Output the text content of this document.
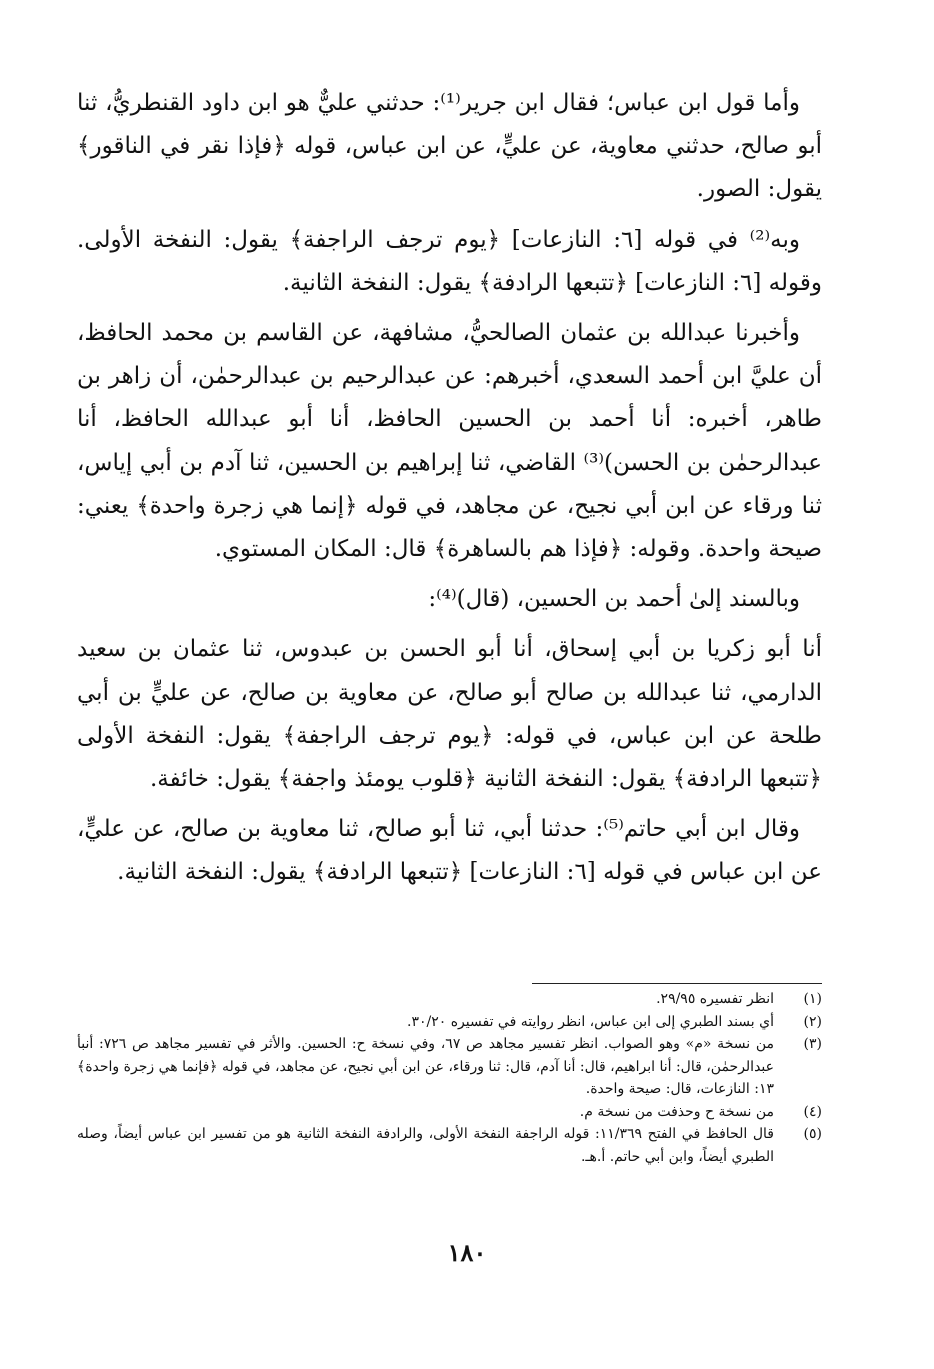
وأما قول ابن عباس؛ فقال ابن جرير⁽¹⁾: حدثني عليٌّ هو ابن داود القنطريُّ، ثنا أبو صالح، حدثني معاوية، عن عليٍّ، عن ابن عباس، قوله ﴿فإذا نقر في الناقور﴾ يقول: الصور.

وبه⁽²⁾ في قوله [٦: النازعات] ﴿يوم ترجف الراجفة﴾ يقول: النفخة الأولى. وقوله [٦: النازعات] ﴿تتبعها الرادفة﴾ يقول: النفخة الثانية.

وأخبرنا عبدالله بن عثمان الصالحيُّ، مشافهة، عن القاسم بن محمد الحافظ، أن عليَّ ابن أحمد السعدي، أخبرهم: عن عبدالرحيم بن عبدالرحمٰن، أن زاهر بن طاهر، أخبره: أنا أحمد بن الحسين الحافظ، أنا أبو عبدالله الحافظ، أنا عبدالرحمٰن بن الحسن)⁽³⁾ القاضي، ثنا إبراهيم بن الحسين، ثنا آدم بن أبي إياس، ثنا ورقاء عن ابن أبي نجيح، عن مجاهد، في قوله ﴿إنما هي زجرة واحدة﴾ يعني: صيحة واحدة. وقوله: ﴿فإذا هم بالساهرة﴾ قال: المكان المستوي.

وبالسند إلىٰ أحمد بن الحسين، (قال)⁽⁴⁾:

أنا أبو زكريا بن أبي إسحاق، أنا أبو الحسن بن عبدوس، ثنا عثمان بن سعيد الدارمي، ثنا عبدالله بن صالح أبو صالح، عن معاوية بن صالح، عن عليٍّ بن أبي طلحة عن ابن عباس، في قوله: ﴿يوم ترجف الراجفة﴾ يقول: النفخة الأولى ﴿تتبعها الرادفة﴾ يقول: النفخة الثانية ﴿قلوب يومئذ واجفة﴾ يقول: خائفة.

وقال ابن أبي حاتم⁽⁵⁾: حدثنا أبي، ثنا أبو صالح، ثنا معاوية بن صالح، عن عليٍّ، عن ابن عباس في قوله [٦: النازعات] ﴿تتبعها الرادفة﴾ يقول: النفخة الثانية.

(١)
انظر تفسيره ٢٩/٩٥.
(٢)
أي بسند الطبري إلى ابن عباس، انظر روايته في تفسيره ٣٠/٢٠.
(٣)
من نسخة «م» وهو الصواب. انظر تفسير مجاهد ص ٦٧، وفي نسخة ح: الحسين. والأثر في تفسير مجاهد ص ٧٢٦: أنبأ عبدالرحمٰن، قال: أنا ابراهيم، قال: أنا آدم، قال: ثنا ورقاء، عن ابن أبي نجيح، عن مجاهد، في قوله ﴿فإنما هي زجرة واحدة﴾ ١٣: النازعات، قال: صيحة واحدة.
(٤)
من نسخة ح وحذفت من نسخة م.
(٥)
قال الحافظ في الفتح ١١/٣٦٩: قوله الراجفة النفخة الأولى، والرادفة النفخة الثانية هو من تفسير ابن عباس أيضاً، وصله الطبري أيضاً، وابن أبي حاتم. أ.هـ.
١٨٠
